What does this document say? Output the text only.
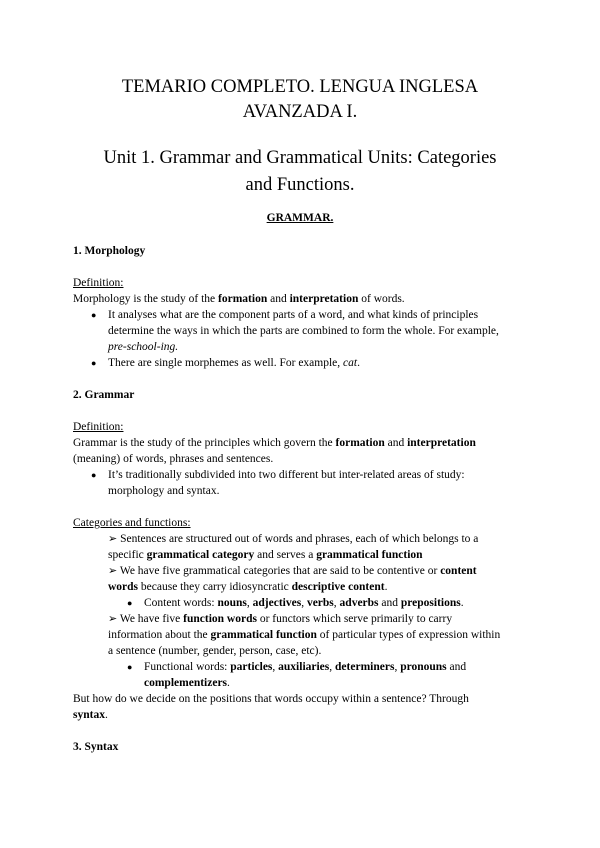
TEMARIO COMPLETO. LENGUA INGLESA
AVANZADA I.
Unit 1. Grammar and Grammatical Units: Categories
and Functions.
GRAMMAR.
1. Morphology
Definition:
Morphology is the study of the formation and interpretation of words.
● It analyses what are the component parts of a word, and what kinds of principles
determine the ways in which the parts are combined to form the whole. For example,
pre-school-ing.
● There are single morphemes as well. For example, cat.
2. Grammar
Definition:
Grammar is the study of the principles which govern the formation and interpretation
(meaning) of words, phrases and sentences.
● It’s traditionally subdivided into two different but inter-related areas of study:
morphology and syntax.
Categories and functions:
➢ Sentences are structured out of words and phrases, each of which belongs to a
specific grammatical category and serves a grammatical function
➢ We have five grammatical categories that are said to be contentive or content
words because they carry idiosyncratic descriptive content.
● Content words: nouns, adjectives, verbs, adverbs and prepositions.
➢ We have five function words or functors which serve primarily to carry
information about the grammatical function of particular types of expression within
a sentence (number, gender, person, case, etc).
● Functional words: particles, auxiliaries, determiners, pronouns and
complementizers.
But how do we decide on the positions that words occupy within a sentence? Through
syntax.
3. Syntax
